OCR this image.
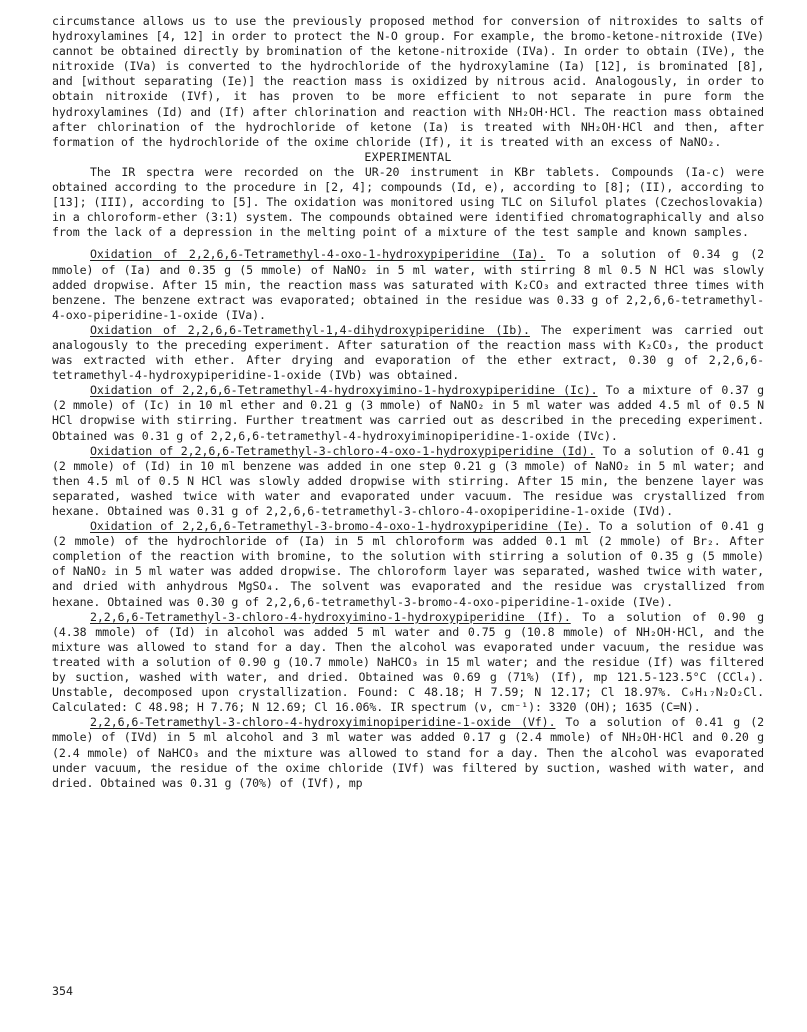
circumstance allows us to use the previously proposed method for conversion of nitroxides to salts of hydroxylamines [4, 12] in order to protect the N-O group. For example, the bromo-ketone-nitroxide (IVe) cannot be obtained directly by bromination of the ketone-nitroxide (IVa). In order to obtain (IVe), the nitroxide (IVa) is converted to the hydrochloride of the hydroxylamine (Ia) [12], is brominated [8], and [without separating (Ie)] the reaction mass is oxidized by nitrous acid. Analogously, in order to obtain nitroxide (IVf), it has proven to be more efficient to not separate in pure form the hydroxylamines (Id) and (If) after chlorination and reaction with NH₂OH·HCl. The reaction mass obtained after chlorination of the hydrochloride of ketone (Ia) is treated with NH₂OH·HCl and then, after formation of the hydrochloride of the oxime chloride (If), it is treated with an excess of NaNO₂.

EXPERIMENTAL

The IR spectra were recorded on the UR-20 instrument in KBr tablets. Compounds (Ia-c) were obtained according to the procedure in [2, 4]; compounds (Id, e), according to [8]; (II), according to [13]; (III), according to [5]. The oxidation was monitored using TLC on Silufol plates (Czechoslovakia) in a chloroform-ether (3:1) system. The compounds obtained were identified chromatographically and also from the lack of a depression in the melting point of a mixture of the test sample and known samples.

Oxidation of 2,2,6,6-Tetramethyl-4-oxo-1-hydroxypiperidine (Ia). To a solution of 0.34 g (2 mmole) of (Ia) and 0.35 g (5 mmole) of NaNO₂ in 5 ml water, with stirring 8 ml 0.5 N HCl was slowly added dropwise. After 15 min, the reaction mass was saturated with K₂CO₃ and extracted three times with benzene. The benzene extract was evaporated; obtained in the residue was 0.33 g of 2,2,6,6-tetramethyl-4-oxo-piperidine-1-oxide (IVa).

Oxidation of 2,2,6,6-Tetramethyl-1,4-dihydroxypiperidine (Ib). The experiment was carried out analogously to the preceding experiment. After saturation of the reaction mass with K₂CO₃, the product was extracted with ether. After drying and evaporation of the ether extract, 0.30 g of 2,2,6,6-tetramethyl-4-hydroxypiperidine-1-oxide (IVb) was obtained.

Oxidation of 2,2,6,6-Tetramethyl-4-hydroxyimino-1-hydroxypiperidine (Ic). To a mixture of 0.37 g (2 mmole) of (Ic) in 10 ml ether and 0.21 g (3 mmole) of NaNO₂ in 5 ml water was added 4.5 ml of 0.5 N HCl dropwise with stirring. Further treatment was carried out as described in the preceding experiment. Obtained was 0.31 g of 2,2,6,6-tetramethyl-4-hydroxyiminopiperidine-1-oxide (IVc).

Oxidation of 2,2,6,6-Tetramethyl-3-chloro-4-oxo-1-hydroxypiperidine (Id). To a solution of 0.41 g (2 mmole) of (Id) in 10 ml benzene was added in one step 0.21 g (3 mmole) of NaNO₂ in 5 ml water; and then 4.5 ml of 0.5 N HCl was slowly added dropwise with stirring. After 15 min, the benzene layer was separated, washed twice with water and evaporated under vacuum. The residue was crystallized from hexane. Obtained was 0.31 g of 2,2,6,6-tetramethyl-3-chloro-4-oxopiperidine-1-oxide (IVd).

Oxidation of 2,2,6,6-Tetramethyl-3-bromo-4-oxo-1-hydroxypiperidine (Ie). To a solution of 0.41 g (2 mmole) of the hydrochloride of (Ia) in 5 ml chloroform was added 0.1 ml (2 mmole) of Br₂. After completion of the reaction with bromine, to the solution with stirring a solution of 0.35 g (5 mmole) of NaNO₂ in 5 ml water was added dropwise. The chloroform layer was separated, washed twice with water, and dried with anhydrous MgSO₄. The solvent was evaporated and the residue was crystallized from hexane. Obtained was 0.30 g of 2,2,6,6-tetramethyl-3-bromo-4-oxo-piperidine-1-oxide (IVe).

2,2,6,6-Tetramethyl-3-chloro-4-hydroxyimino-1-hydroxypiperidine (If). To a solution of 0.90 g (4.38 mmole) of (Id) in alcohol was added 5 ml water and 0.75 g (10.8 mmole) of NH₂OH·HCl, and the mixture was allowed to stand for a day. Then the alcohol was evaporated under vacuum, the residue was treated with a solution of 0.90 g (10.7 mmole) NaHCO₃ in 15 ml water; and the residue (If) was filtered by suction, washed with water, and dried. Obtained was 0.69 g (71%) (If), mp 121.5-123.5°C (CCl₄). Unstable, decomposed upon crystallization. Found: C 48.18; H 7.59; N 12.17; Cl 18.97%. C₉H₁₇N₂O₂Cl. Calculated: C 48.98; H 7.76; N 12.69; Cl 16.06%. IR spectrum (ν, cm⁻¹): 3320 (OH); 1635 (C=N).

2,2,6,6-Tetramethyl-3-chloro-4-hydroxyiminopiperidine-1-oxide (Vf). To a solution of 0.41 g (2 mmole) of (IVd) in 5 ml alcohol and 3 ml water was added 0.17 g (2.4 mmole) of NH₂OH·HCl and 0.20 g (2.4 mmole) of NaHCO₃ and the mixture was allowed to stand for a day. Then the alcohol was evaporated under vacuum, the residue of the oxime chloride (IVf) was filtered by suction, washed with water, and dried. Obtained was 0.31 g (70%) of (IVf), mp

354
